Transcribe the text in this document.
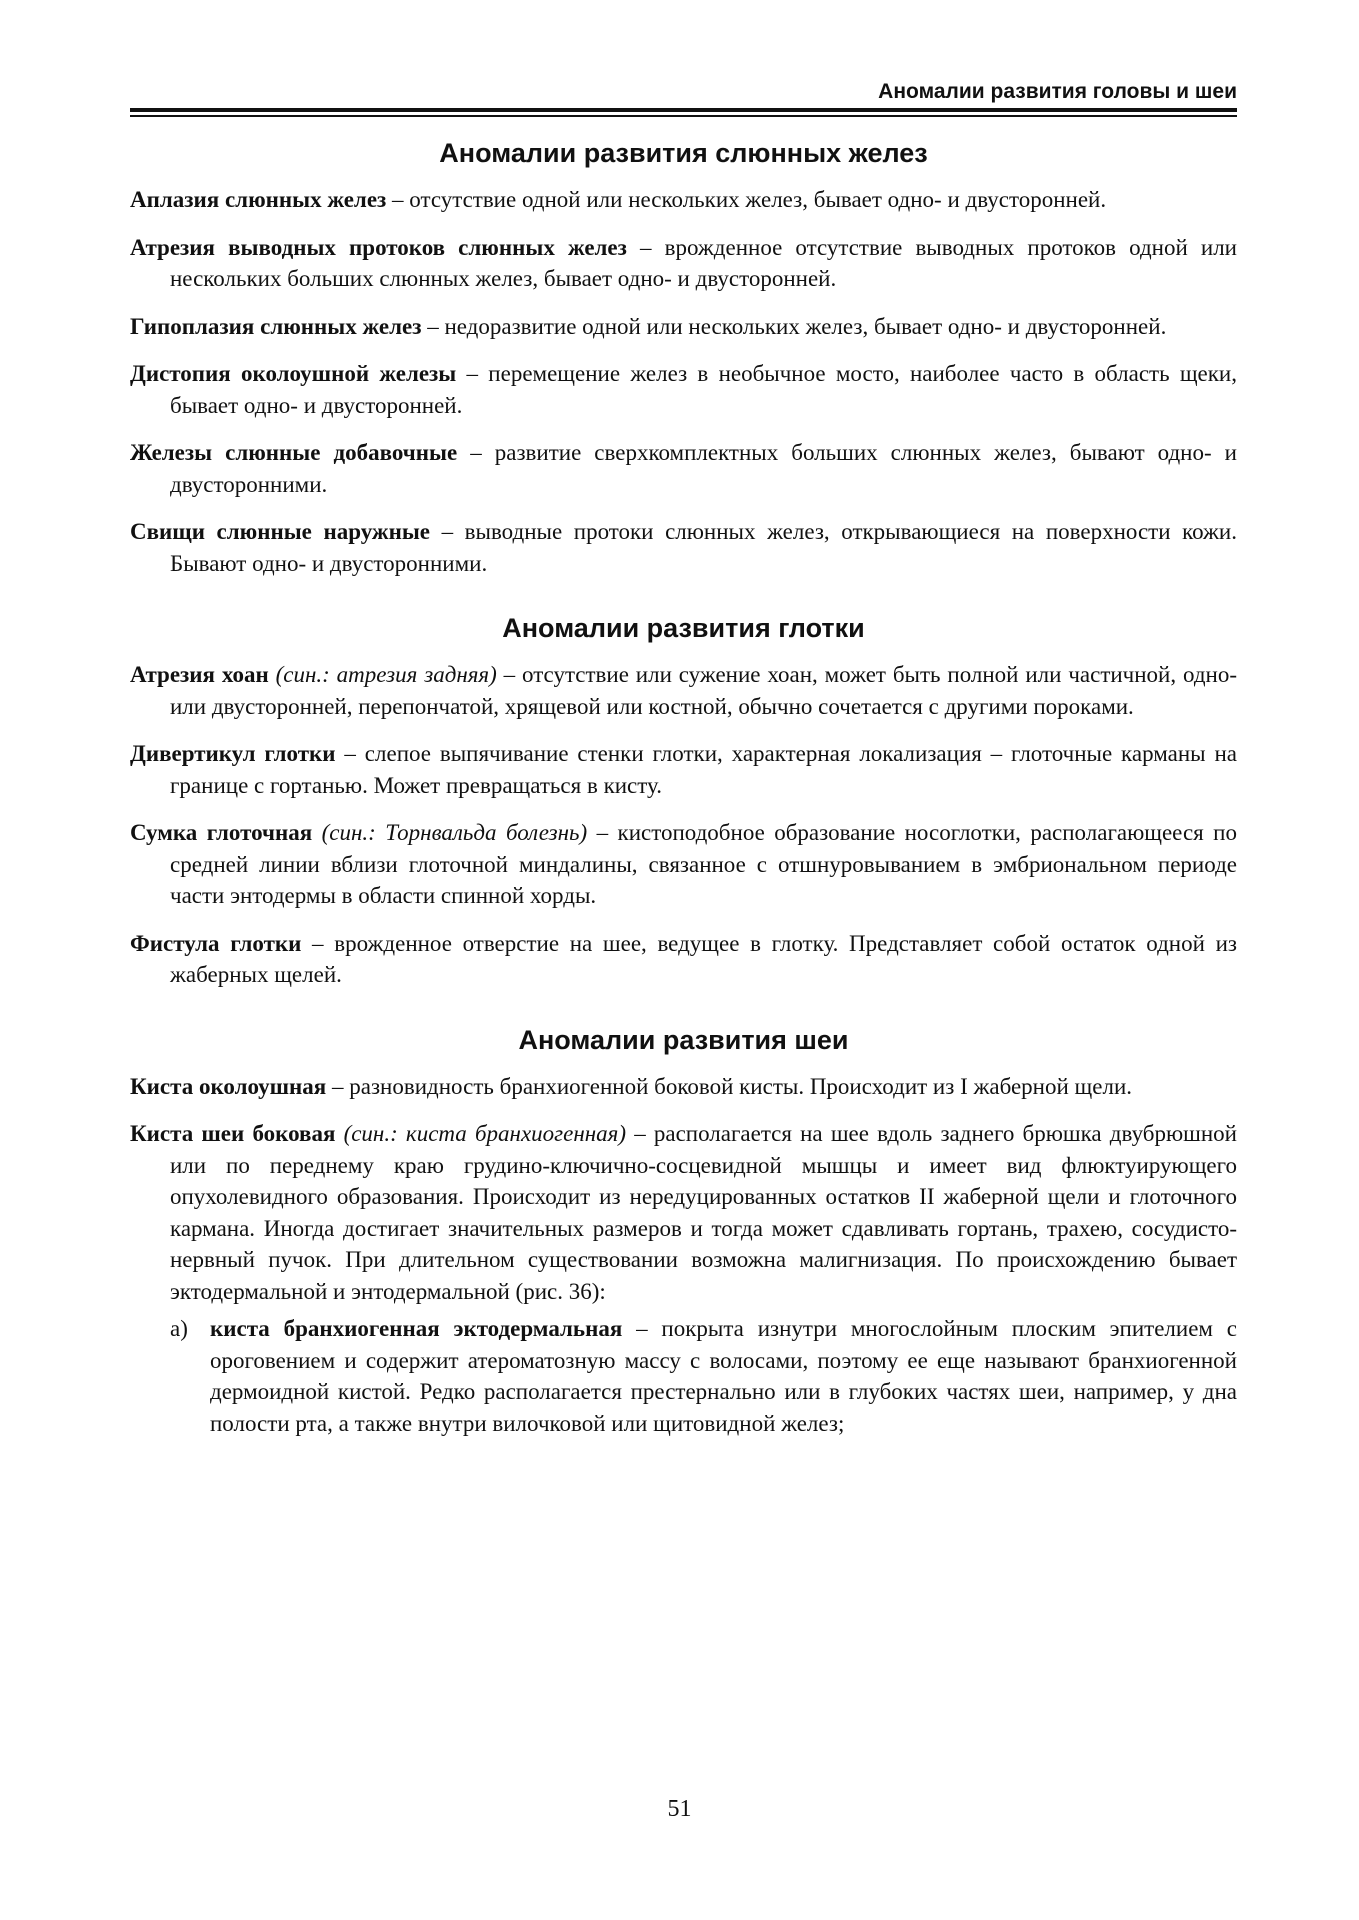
Аномалии развития головы и шеи
Аномалии развития слюнных желез

Аплазия слюнных желез – отсутствие одной или нескольких желез, бывает одно- и двусторонней.

Атрезия выводных протоков слюнных желез – врожденное отсутствие выводных протоков одной или нескольких больших слюнных желез, бывает одно- и двусторонней.

Гипоплазия слюнных желез – недоразвитие одной или нескольких желез, бывает одно- и двусторонней.

Дистопия околоушной железы – перемещение желез в необычное мосто, наиболее часто в область щеки, бывает одно- и двусторонней.

Железы слюнные добавочные – развитие сверхкомплектных больших слюнных желез, бывают одно- и двусторонними.

Свищи слюнные наружные – выводные протоки слюнных желез, открывающиеся на поверхности кожи. Бывают одно- и двусторонними.

Аномалии развития глотки

Атрезия хоан (син.: атрезия задняя) – отсутствие или сужение хоан, может быть полной или частичной, одно- или двусторонней, перепончатой, хрящевой или костной, обычно сочетается с другими пороками.

Дивертикул глотки – слепое выпячивание стенки глотки, характерная локализация – глоточные карманы на границе с гортанью. Может превращаться в кисту.

Сумка глоточная (син.: Торнвальда болезнь) – кистоподобное образование носоглотки, располагающееся по средней линии вблизи глоточной миндалины, связанное с отшнуровыванием в эмбриональном периоде части энтодермы в области спинной хорды.

Фистула глотки – врожденное отверстие на шее, ведущее в глотку. Представляет собой остаток одной из жаберных щелей.

Аномалии развития шеи

Киста околоушная – разновидность бранхиогенной боковой кисты. Происходит из I жаберной щели.

Киста шеи боковая (син.: киста бранхиогенная) – располагается на шее вдоль заднего брюшка двубрюшной или по переднему краю грудино-ключично-сосцевидной мышцы и имеет вид флюктуирующего опухолевидного образования. Происходит из нередуцированных остатков II жаберной щели и глоточного кармана. Иногда достигает значительных размеров и тогда может сдавливать гортань, трахею, сосудисто-нервный пучок. При длительном существовании возможна малигнизация. По происхождению бывает эктодермальной и энтодермальной (рис. 36):

а) киста бранхиогенная эктодермальная – покрыта изнутри многослойным плоским эпителием с ороговением и содержит атероматозную массу с волосами, поэтому ее еще называют бранхиогенной дермоидной кистой. Редко располагается престернально или в глубоких частях шеи, например, у дна полости рта, а также внутри вилочковой или щитовидной желез;

51
